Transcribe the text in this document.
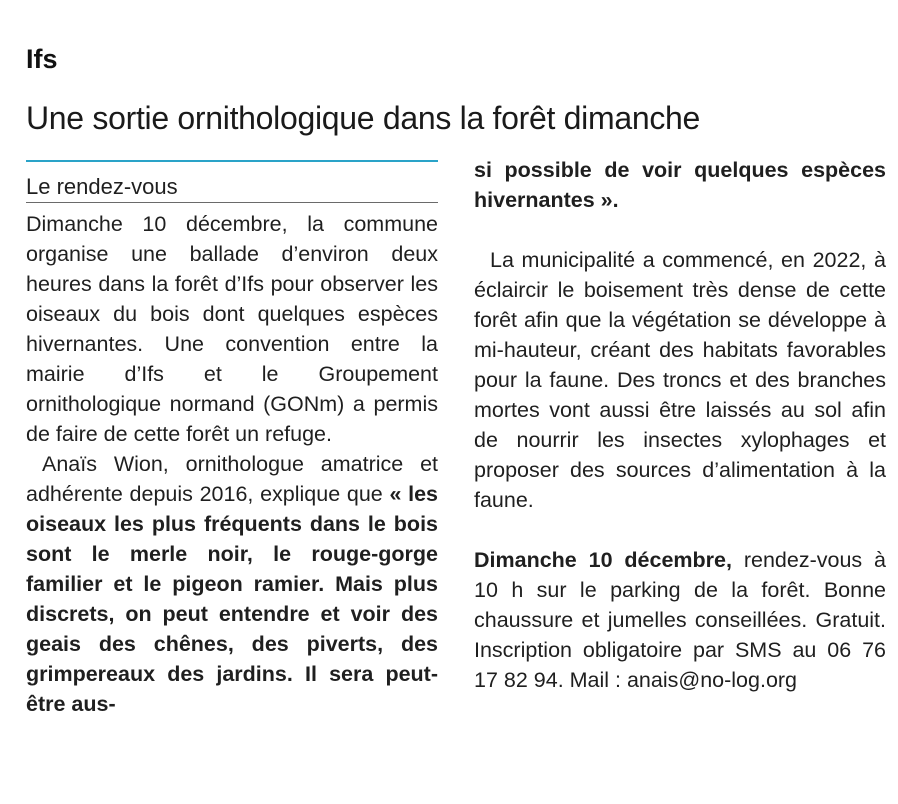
Ifs
Une sortie ornithologique dans la forêt dimanche
Le rendez-vous

Dimanche 10 décembre, la commune organise une ballade d’environ deux heures dans la forêt d’Ifs pour observer les oiseaux du bois dont quelques espèces hivernantes. Une convention entre la mairie d’Ifs et le Groupement ornithologique normand (GONm) a permis de faire de cette forêt un refuge.

Anaïs Wion, ornithologue amatrice et adhérente depuis 2016, explique que « les oiseaux les plus fréquents dans le bois sont le merle noir, le rouge-gorge familier et le pigeon ramier. Mais plus discrets, on peut entendre et voir des geais des chênes, des piverts, des grimpereaux des jardins. Il sera peut-être aus-

si possible de voir quelques espèces hivernantes ».

La municipalité a commencé, en 2022, à éclaircir le boisement très dense de cette forêt afin que la végétation se développe à mi-hauteur, créant des habitats favorables pour la faune. Des troncs et des branches mortes vont aussi être laissés au sol afin de nourrir les insectes xylophages et proposer des sources d’alimentation à la faune.

Dimanche 10 décembre, rendez-vous à 10 h sur le parking de la forêt. Bonne chaussure et jumelles conseillées. Gratuit. Inscription obligatoire par SMS au 06 76 17 82 94. Mail : anais@no-log.org
